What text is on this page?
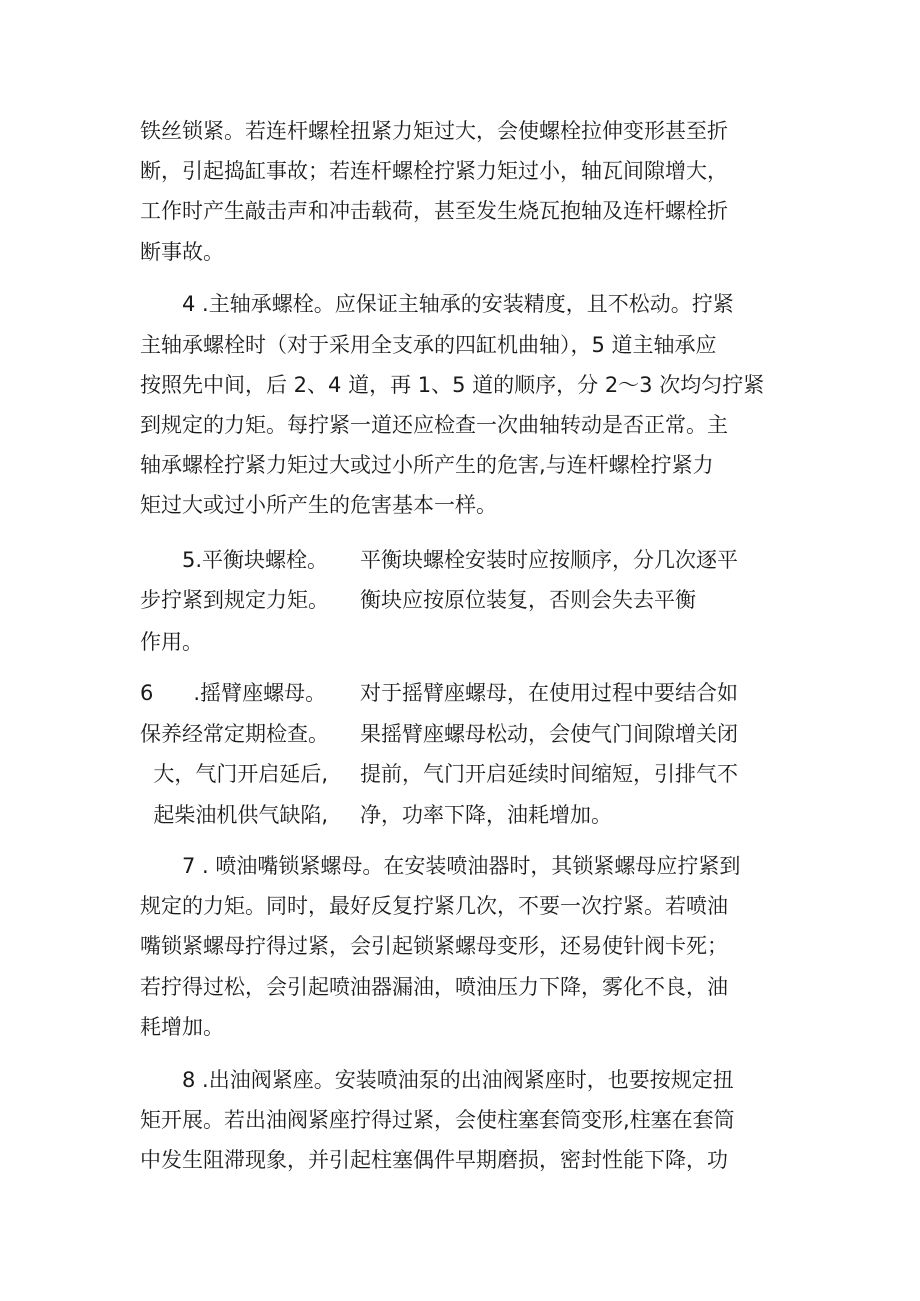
铁丝锁紧。若连杆螺栓扭紧力矩过大，会使螺栓拉伸变形甚至折
断，引起捣缸事故；若连杆螺栓拧紧力矩过小，轴瓦间隙增大，
工作时产生敲击声和冲击载荷，甚至发生烧瓦抱轴及连杆螺栓折
断事故。
4 .主轴承螺栓。应保证主轴承的安装精度，且不松动。拧紧
主轴承螺栓时（对于采用全支承的四缸机曲轴），5 道主轴承应
按照先中间，后 2、4 道，再 1、5 道的顺序，分 2～3 次均匀拧紧
到规定的力矩。每拧紧一道还应检查一次曲轴转动是否正常。主
轴承螺栓拧紧力矩过大或过小所产生的危害,与连杆螺栓拧紧力
矩过大或过小所产生的危害基本一样。
5.平衡块螺栓。
步拧紧到规定力矩。
作用。
平衡块螺栓安装时应按顺序，分几次逐平
衡块应按原位装复，否则会失去平衡
6      .摇臂座螺母。
保养经常定期检查。
大，气门开启延后,
起柴油机供气缺陷,
对于摇臂座螺母，在使用过程中要结合如
果摇臂座螺母松动，会使气门间隙增关闭
提前，气门开启延续时间缩短，引排气不
净，功率下降，油耗增加。
7 . 喷油嘴锁紧螺母。在安装喷油器时，其锁紧螺母应拧紧到
规定的力矩。同时，最好反复拧紧几次，不要一次拧紧。若喷油
嘴锁紧螺母拧得过紧，会引起锁紧螺母变形，还易使针阀卡死；
若拧得过松，会引起喷油器漏油，喷油压力下降，雾化不良，油
耗增加。
8 .出油阀紧座。安装喷油泵的出油阀紧座时，也要按规定扭
矩开展。若出油阀紧座拧得过紧，会使柱塞套筒变形,柱塞在套筒
中发生阻滞现象，并引起柱塞偶件早期磨损，密封性能下降，功
